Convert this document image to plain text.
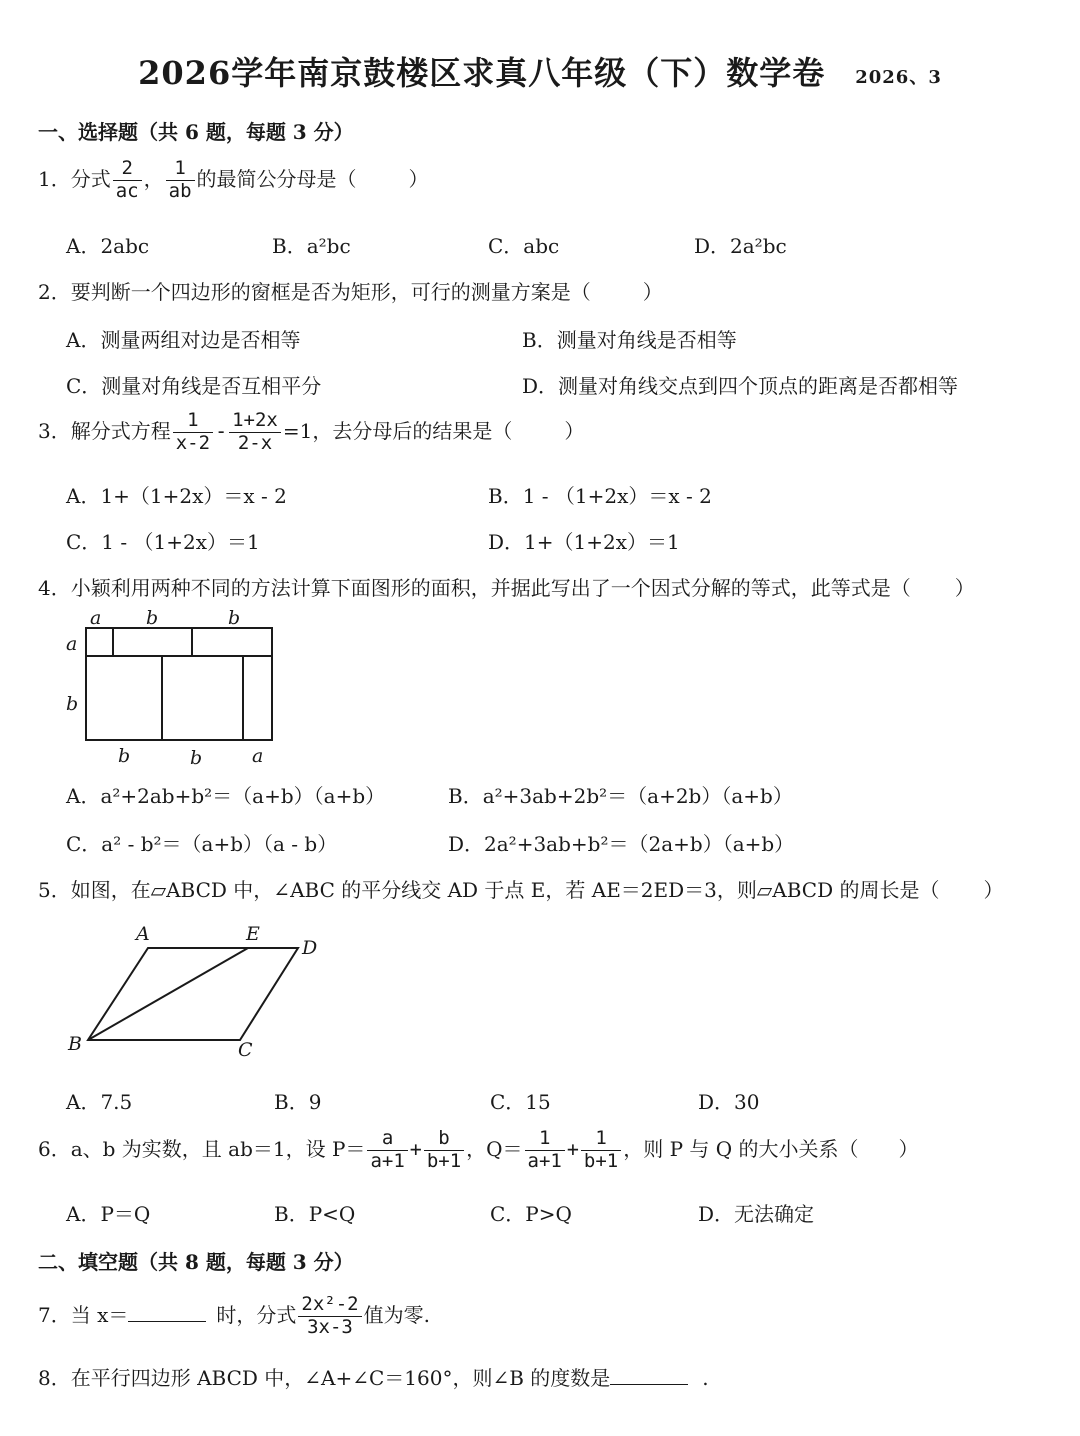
2026学年南京鼓楼区求真八年级（下）数学卷 2026、3
一、选择题（共 6 题，每题 3 分）
1．分式 $\frac{2}{ac}$ ， $\frac{1}{ab}$ 的最简公分母是（	）
A．2abc	B．a²bc	C．abc	D．2a²bc
2．要判断一个四边形的窗框是否为矩形，可行的测量方案是（	）
A．测量两组对边是否相等	B．测量对角线是否相等
C．测量对角线是否互相平分	D．测量对角线交点到四个顶点的距离是否都相等
3．解分式方程 $\frac{1}{x-2} - \frac{1+2x}{2-x} =1$，去分母后的结果是（	）
A．1+（1+2x）＝x - 2	B．1 - （1+2x）＝x - 2
C．1 - （1+2x）＝1	D．1+（1+2x）＝1
4．小颖利用两种不同的方法计算下面图形的面积，并据此写出了一个因式分解的等式，此等式是（ ）
a b	b
a
b
b	b	a
A．a²+2ab+b²＝（a+b）（a+b）	B．a²+3ab+2b²＝（a+2b）（a+b）
C．a² - b²＝（a+b）（a - b）	D．2a²+3ab+b²＝（2a+b）（a+b）
5．如图，在▱ABCD 中，∠ABC 的平分线交 AD 于点 E，若 AE＝2ED＝3，则▱ABCD 的周长是（ ）
A	E
D
B	C
A．7.5	B．9	C．15	D．30
6．a、b 为实数，且 ab＝1，设 $P= \frac{a}{a+1} + \frac{b}{b+1}$ ，$Q= \frac{1}{a+1} + \frac{1}{b+1}$ ，则 P 与 Q 的大小关系（ ）
A．P＝Q	B．P<Q	C．P>Q	D．无法确定
二、填空题（共 8 题，每题 3 分）
7．当 x＝	时，分式 $\frac{\text{2x²-2}}{3x-3}$ 值为零.
8．在平行四边形 ABCD 中，∠A+∠C＝160°，则∠B 的度数是	.
